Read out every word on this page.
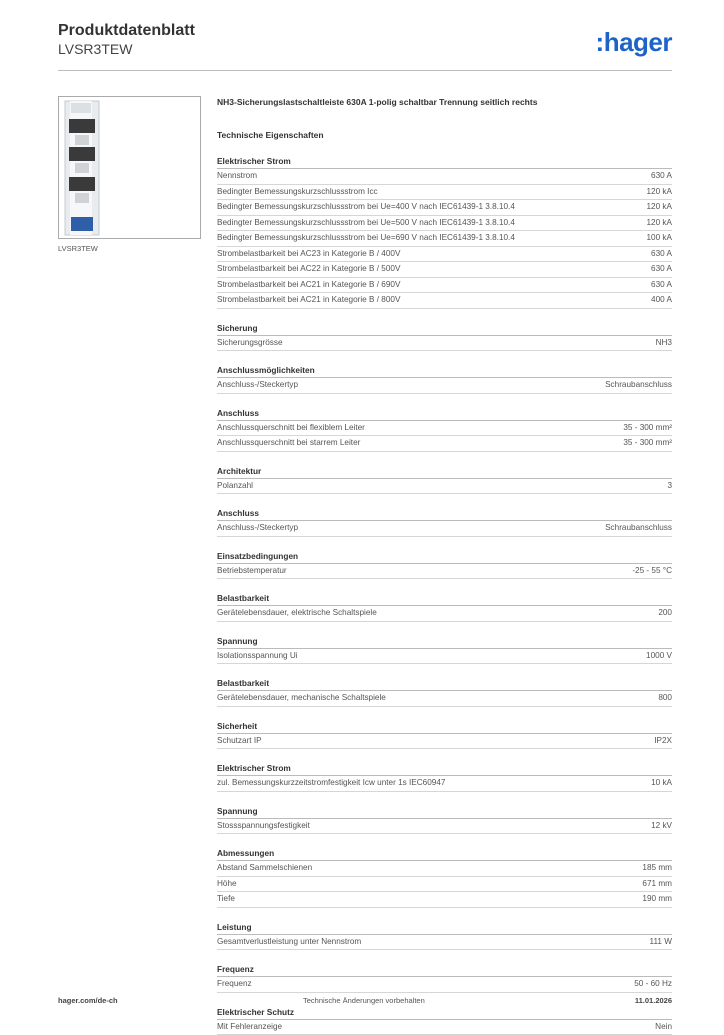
Produktdatenblatt
LVSR3TEW	:hager
LVSR3TEW
NH3-Sicherungslastschaltleiste 630A 1-polig schaltbar Trennung seitlich rechts
Technische Eigenschaften
Elektrischer Strom
Nennstrom	630 A
Bedingter Bemessungskurzschlussstrom Icc	120 kA
Bedingter Bemessungskurzschlussstrom bei Ue=400 V nach IEC61439-1 3.8.10.4	120 kA
Bedingter Bemessungskurzschlussstrom bei Ue=500 V nach IEC61439-1 3.8.10.4	120 kA
Bedingter Bemessungskurzschlussstrom bei Ue=690 V nach IEC61439-1 3.8.10.4	100 kA
Strombelastbarkeit bei AC23 in Kategorie B / 400V	630 A
Strombelastbarkeit bei AC22 in Kategorie B / 500V	630 A
Strombelastbarkeit bei AC21 in Kategorie B / 690V	630 A
Strombelastbarkeit bei AC21 in Kategorie B / 800V	400 A
Sicherung
Sicherungsgrösse	NH3
Anschlussmöglichkeiten
Anschluss-/Steckertyp	Schraubanschluss
Anschluss
Anschlussquerschnitt bei flexiblem Leiter	35 - 300 mm²
Anschlussquerschnitt bei starrem Leiter	35 - 300 mm²
Architektur
Polanzahl	3
Anschluss
Anschluss-/Steckertyp	Schraubanschluss
Einsatzbedingungen
Betriebstemperatur	-25 - 55 °C
Belastbarkeit
Gerätelebensdauer, elektrische Schaltspiele	200
Spannung
Isolationsspannung Ui	1000 V
Belastbarkeit
Gerätelebensdauer, mechanische Schaltspiele	800
Sicherheit
Schutzart IP	IP2X
Elektrischer Strom
zul. Bemessungskurzzeitstromfestigkeit Icw unter 1s IEC60947	10 kA
Spannung
Stossspannungsfestigkeit	12 kV
Abmessungen
Abstand Sammelschienen	185 mm
Höhe	671 mm
Tiefe	190 mm
Leistung
Gesamtverlustleistung unter Nennstrom	111 W
Frequenz
Frequenz	50 - 60 Hz
Elektrischer Schutz
Mit Fehleranzeige	Nein
hager.com/de-ch	Technische Änderungen vorbehalten	11.01.2026
